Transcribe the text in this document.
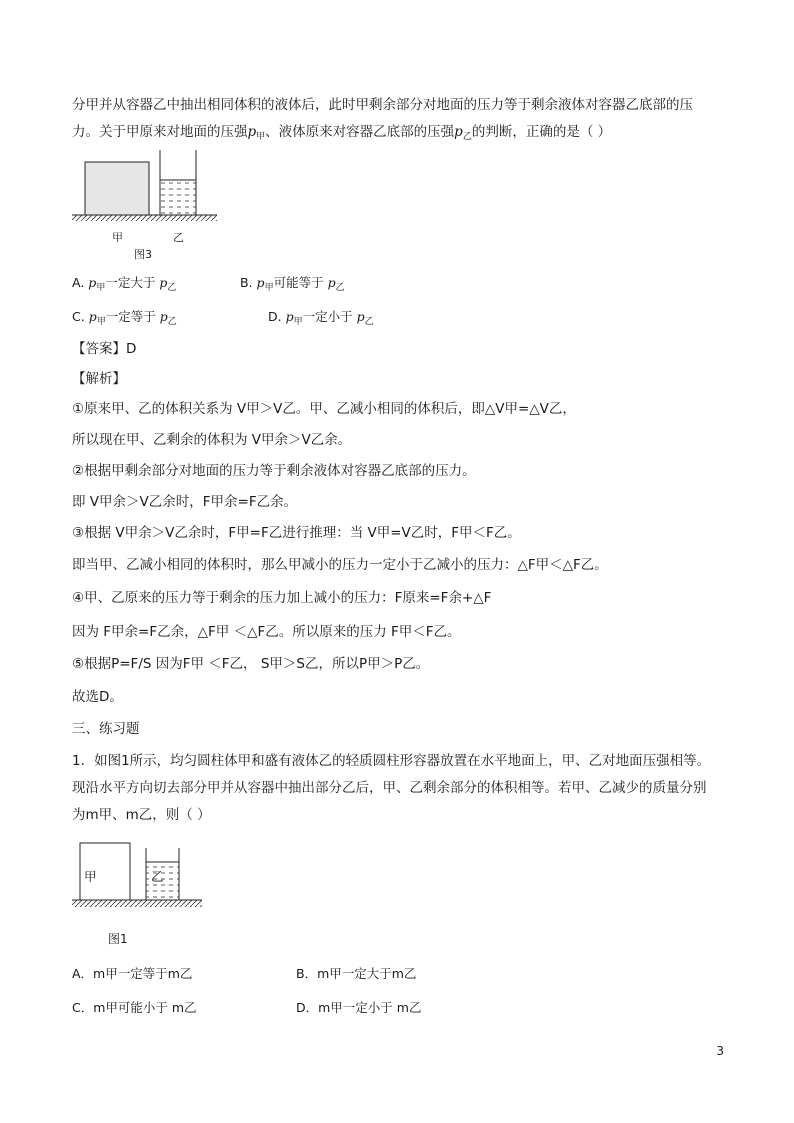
分甲并从容器乙中抽出相同体积的液体后，此时甲剩余部分对地面的压力等于剩余液体对容器乙底部的压
力。关于甲原来对地面的压强$p_甲$、液体原来对容器乙底部的压强$p_乙$的判断，正确的是（ ）
甲	乙
图3
A. $p_甲$一定大于 $p_乙$	B. $p_甲$可能等于 $p_乙$
C. $p_甲$一定等于 $p_乙$	D. $p_甲$一定小于 $p_乙$
【答案】D
【解析】
①原来甲、乙的体积关系为 V甲＞V乙。甲、乙减小相同的体积后，即△V甲=△V乙，
所以现在甲、乙剩余的体积为 V甲余＞V乙余。
②根据甲剩余部分对地面的压力等于剩余液体对容器乙底部的压力。
即 V甲余＞V乙余时，F甲余=F乙余。
③根据 V甲余＞V乙余时，F甲=F乙进行推理：当 V甲=V乙时，F甲＜F乙。
即当甲、乙减小相同的体积时，那么甲减小的压力一定小于乙减小的压力：△F甲＜△F乙。
④甲、乙原来的压力等于剩余的压力加上减小的压力：F原来=F余+△F
因为 F甲余=F乙余，△F甲 ＜△F乙。所以原来的压力 F甲＜F乙。
⑤根据P=F/S 因为F甲 ＜F乙， S甲＞S乙，所以P甲＞P乙。
故选D。
三、练习题
1．如图1所示，均匀圆柱体甲和盛有液体乙的轻质圆柱形容器放置在水平地面上，甲、乙对地面压强相等。
现沿水平方向切去部分甲并从容器中抽出部分乙后，甲、乙剩余部分的体积相等。若甲、乙减少的质量分别
为m甲、m乙，则（ ）
甲	乙
图1
A．m甲一定等于m乙	B．m甲一定大于m乙
C．m甲可能小于 m乙	D．m甲一定小于 m乙
3
